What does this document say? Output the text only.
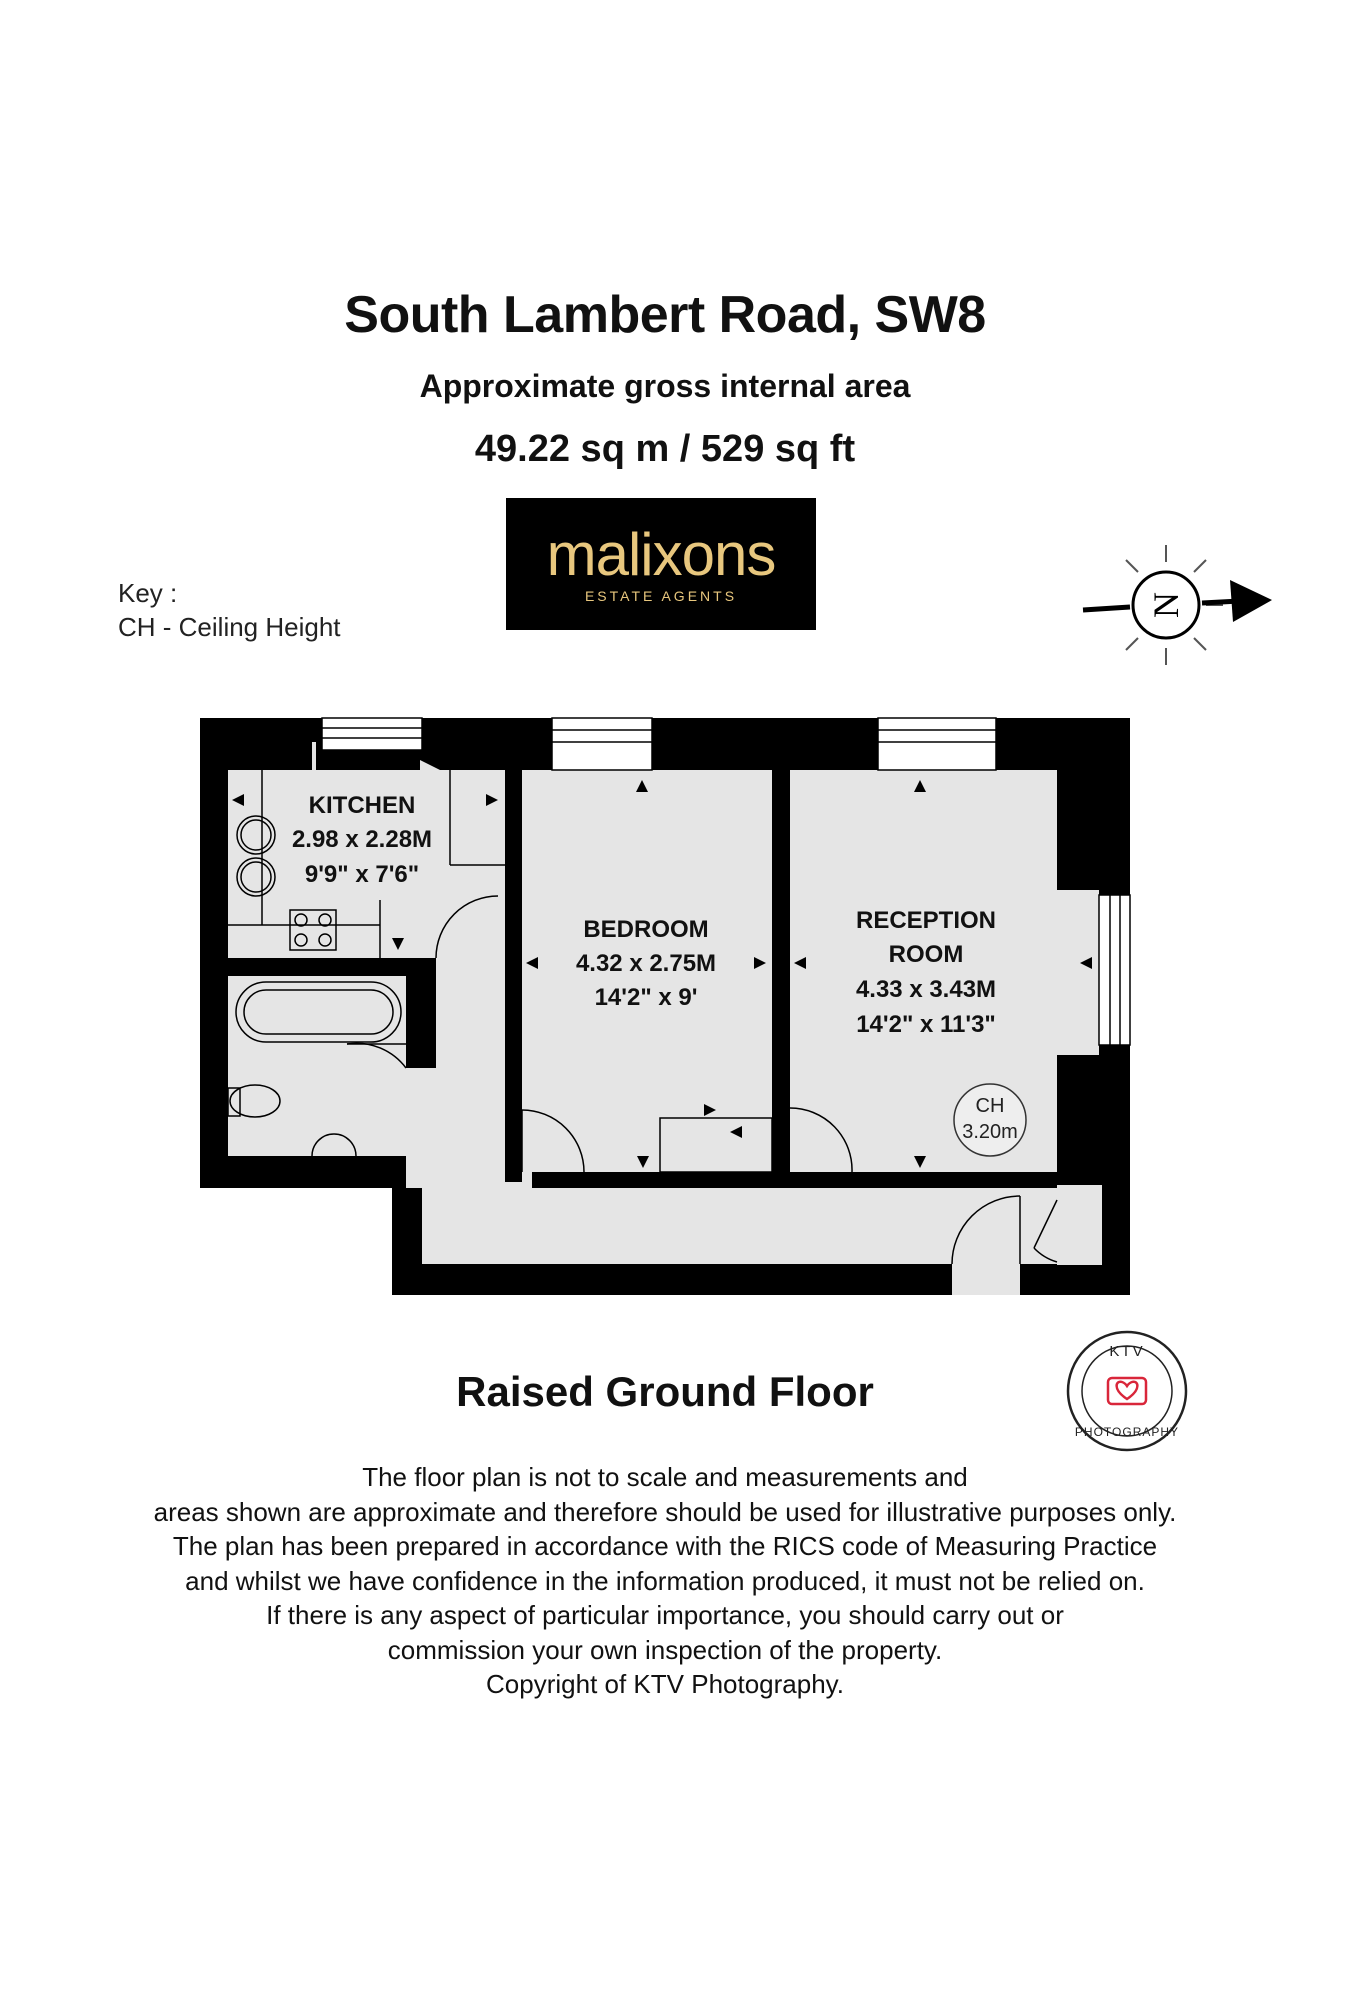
South Lambert Road, SW8
Approximate gross internal area
49.22 sq m / 529 sq ft
malixons
ESTATE AGENTS
Key :
CH - Ceiling Height
N
KITCHEN
2.98 x 2.28M
9'9" x 7'6"
BEDROOM
4.32 x 2.75M
14'2" x 9'
RECEPTION
ROOM
4.33 x 3.43M
14'2" x 11'3"
CH
3.20m
KTV
PHOTOGRAPHY
Raised Ground Floor
The floor plan is not to scale and measurements and
areas shown are approximate and therefore should be used for illustrative purposes only.
The plan has been prepared in accordance with the RICS code of Measuring Practice
and whilst we have confidence in the information produced, it must not be relied on.
If there is any aspect of particular importance, you should carry out or
commission your own inspection of the property.
Copyright of KTV Photography.
